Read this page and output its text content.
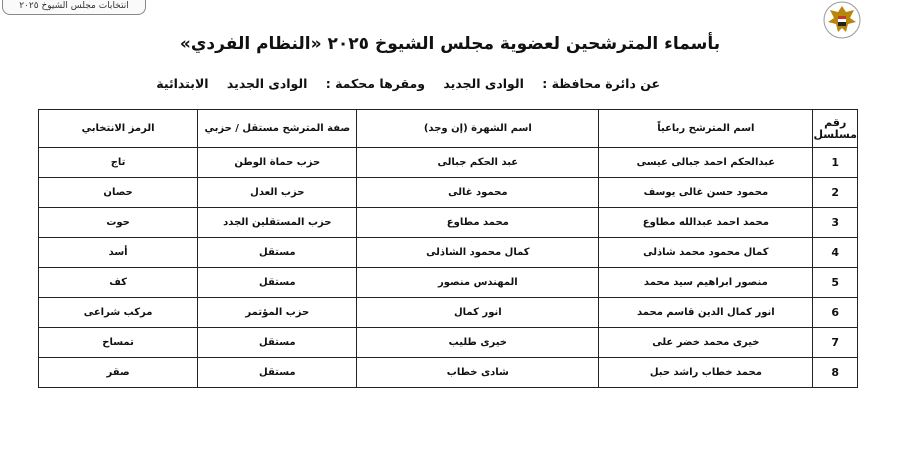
انتخابات مجلس الشيوخ ٢٠٢٥
بأسماء المترشحين لعضوية مجلس الشيوخ ٢٠٢٥ «النظام الفردي»
عن دائرة محافظة : الوادى الجديد ومقرها محكمة : الوادى الجديد الابتدائية
رقم مسلسل	اسم المترشح رباعياً	اسم الشهرة (إن وجد)	صفة المترشح مستقل / حزبي	الرمز الانتخابي
1	عبدالحكم احمد جبالى عيسى	عبد الحكم جبالى	حزب حماة الوطن	تاج
2	محمود حسن غالى يوسف	محمود غالى	حزب العدل	حصان
3	محمد احمد عبدالله مطاوع	محمد مطاوع	حزب المستقلين الجدد	حوت
4	كمال محمود محمد شاذلى	كمال محمود الشاذلى	مستقل	أسد
5	منصور ابراهيم سيد محمد	المهندس منصور	مستقل	كف
6	انور كمال الدين قاسم محمد	انور كمال	حزب المؤتمر	مركب شراعى
7	خيرى محمد خضر على	خيرى طليب	مستقل	تمساح
8	محمد خطاب راشد حبل	شادى خطاب	مستقل	صقر
